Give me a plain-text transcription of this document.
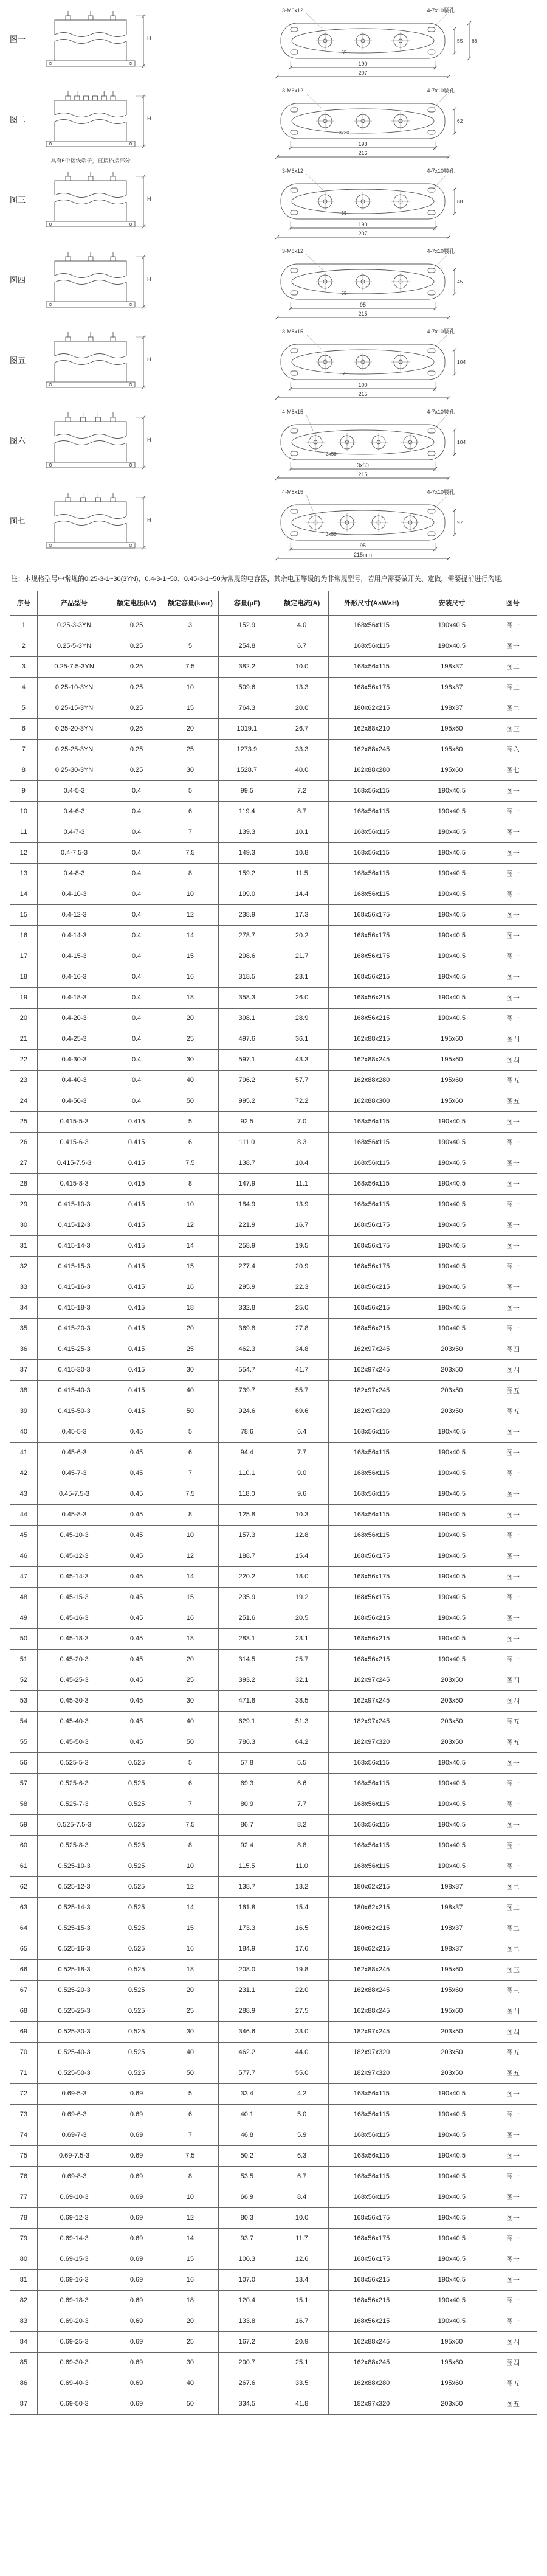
图一	H
3-M6x12	4-7x10腰孔
65
190
207
55 68
图二	H
具有6个接线端子，直接插接部分
3-M6x12	4-7x10腰孔
3x30
198
216
62
图三	H
3-M6x12	4-7x10腰孔
65
190
207
88
图四	H
3-M8x12	4-7x10腰孔
55
95
215
45
图五	H
3-M8x15	4-7x10腰孔
65
100
215
104
图六	H
4-M8x15	4-7x10腰孔
3x50
3x50
215
104
图七	H
4-M8x15	4-7x10腰孔
3x50
95
215mm
97
注：本规格型号中常规的0.25-3-1~30(3YN)、0.4-3-1~50、0.45-3-1~50为常规的电容器，其余电压等级的为非常规型号，若用户需要做开关、定做，需要提前进行沟通。
序号	产品型号	额定电压(kV)	额定容量(kvar)	容量(μF)	额定电流(A)	外形尺寸(A×W×H)	安装尺寸	图号
1	0.25-3-3YN	0.25	3	152.9	4.0	168x56x115	190x40.5	图一
2	0.25-5-3YN	0.25	5	254.8	6.7	168x56x115	190x40.5	图一
3	0.25-7.5-3YN	0.25	7.5	382.2	10.0	168x56x115	198x37	图二
4	0.25-10-3YN	0.25	10	509.6	13.3	168x56x175	198x37	图二
5	0.25-15-3YN	0.25	15	764.3	20.0	180x62x215	198x37	图二
6	0.25-20-3YN	0.25	20	1019.1	26.7	162x88x210	195x60	图三
7	0.25-25-3YN	0.25	25	1273.9	33.3	162x88x245	195x60	图六
8	0.25-30-3YN	0.25	30	1528.7	40.0	162x88x280	195x60	图七
9	0.4-5-3	0.4	5	99.5	7.2	168x56x115	190x40.5	图一
10	0.4-6-3	0.4	6	119.4	8.7	168x56x115	190x40.5	图一
11	0.4-7-3	0.4	7	139.3	10.1	168x56x115	190x40.5	图一
12	0.4-7.5-3	0.4	7.5	149.3	10.8	168x56x115	190x40.5	图一
13	0.4-8-3	0.4	8	159.2	11.5	168x56x115	190x40.5	图一
14	0.4-10-3	0.4	10	199.0	14.4	168x56x115	190x40.5	图一
15	0.4-12-3	0.4	12	238.9	17.3	168x56x175	190x40.5	图一
16	0.4-14-3	0.4	14	278.7	20.2	168x56x175	190x40.5	图一
17	0.4-15-3	0.4	15	298.6	21.7	168x56x175	190x40.5	图一
18	0.4-16-3	0.4	16	318.5	23.1	168x56x215	190x40.5	图一
19	0.4-18-3	0.4	18	358.3	26.0	168x56x215	190x40.5	图一
20	0.4-20-3	0.4	20	398.1	28.9	168x56x215	190x40.5	图一
21	0.4-25-3	0.4	25	497.6	36.1	162x88x215	195x60	图四
22	0.4-30-3	0.4	30	597.1	43.3	162x88x245	195x60	图四
23	0.4-40-3	0.4	40	796.2	57.7	162x88x280	195x60	图五
24	0.4-50-3	0.4	50	995.2	72.2	162x88x300	195x60	图五
25	0.415-5-3	0.415	5	92.5	7.0	168x56x115	190x40.5	图一
26	0.415-6-3	0.415	6	111.0	8.3	168x56x115	190x40.5	图一
27	0.415-7.5-3	0.415	7.5	138.7	10.4	168x56x115	190x40.5	图一
28	0.415-8-3	0.415	8	147.9	11.1	168x56x115	190x40.5	图一
29	0.415-10-3	0.415	10	184.9	13.9	168x56x115	190x40.5	图一
30	0.415-12-3	0.415	12	221.9	16.7	168x56x175	190x40.5	图一
31	0.415-14-3	0.415	14	258.9	19.5	168x56x175	190x40.5	图一
32	0.415-15-3	0.415	15	277.4	20.9	168x56x175	190x40.5	图一
33	0.415-16-3	0.415	16	295.9	22.3	168x56x215	190x40.5	图一
34	0.415-18-3	0.415	18	332.8	25.0	168x56x215	190x40.5	图一
35	0.415-20-3	0.415	20	369.8	27.8	168x56x215	190x40.5	图一
36	0.415-25-3	0.415	25	462.3	34.8	162x97x245	203x50	图四
37	0.415-30-3	0.415	30	554.7	41.7	162x97x245	203x50	图四
38	0.415-40-3	0.415	40	739.7	55.7	182x97x245	203x50	图五
39	0.415-50-3	0.415	50	924.6	69.6	182x97x320	203x50	图五
40	0.45-5-3	0.45	5	78.6	6.4	168x56x115	190x40.5	图一
41	0.45-6-3	0.45	6	94.4	7.7	168x56x115	190x40.5	图一
42	0.45-7-3	0.45	7	110.1	9.0	168x56x115	190x40.5	图一
43	0.45-7.5-3	0.45	7.5	118.0	9.6	168x56x115	190x40.5	图一
44	0.45-8-3	0.45	8	125.8	10.3	168x56x115	190x40.5	图一
45	0.45-10-3	0.45	10	157.3	12.8	168x56x115	190x40.5	图一
46	0.45-12-3	0.45	12	188.7	15.4	168x56x175	190x40.5	图一
47	0.45-14-3	0.45	14	220.2	18.0	168x56x175	190x40.5	图一
48	0.45-15-3	0.45	15	235.9	19.2	168x56x175	190x40.5	图一
49	0.45-16-3	0.45	16	251.6	20.5	168x56x215	190x40.5	图一
50	0.45-18-3	0.45	18	283.1	23.1	168x56x215	190x40.5	图一
51	0.45-20-3	0.45	20	314.5	25.7	168x56x215	190x40.5	图一
52	0.45-25-3	0.45	25	393.2	32.1	162x97x245	203x50	图四
53	0.45-30-3	0.45	30	471.8	38.5	162x97x245	203x50	图四
54	0.45-40-3	0.45	40	629.1	51.3	182x97x245	203x50	图五
55	0.45-50-3	0.45	50	786.3	64.2	182x97x320	203x50	图五
56	0.525-5-3	0.525	5	57.8	5.5	168x56x115	190x40.5	图一
57	0.525-6-3	0.525	6	69.3	6.6	168x56x115	190x40.5	图一
58	0.525-7-3	0.525	7	80.9	7.7	168x56x115	190x40.5	图一
59	0.525-7.5-3	0.525	7.5	86.7	8.2	168x56x115	190x40.5	图一
60	0.525-8-3	0.525	8	92.4	8.8	168x56x115	190x40.5	图一
61	0.525-10-3	0.525	10	115.5	11.0	168x56x115	190x40.5	图一
62	0.525-12-3	0.525	12	138.7	13.2	180x62x215	198x37	图二
63	0.525-14-3	0.525	14	161.8	15.4	180x62x215	198x37	图二
64	0.525-15-3	0.525	15	173.3	16.5	180x62x215	198x37	图二
65	0.525-16-3	0.525	16	184.9	17.6	180x62x215	198x37	图二
66	0.525-18-3	0.525	18	208.0	19.8	162x88x245	195x60	图三
67	0.525-20-3	0.525	20	231.1	22.0	162x88x245	195x60	图三
68	0.525-25-3	0.525	25	288.9	27.5	162x88x245	195x60	图四
69	0.525-30-3	0.525	30	346.6	33.0	182x97x245	203x50	图四
70	0.525-40-3	0.525	40	462.2	44.0	182x97x320	203x50	图五
71	0.525-50-3	0.525	50	577.7	55.0	182x97x320	203x50	图五
72	0.69-5-3	0.69	5	33.4	4.2	168x56x115	190x40.5	图一
73	0.69-6-3	0.69	6	40.1	5.0	168x56x115	190x40.5	图一
74	0.69-7-3	0.69	7	46.8	5.9	168x56x115	190x40.5	图一
75	0.69-7.5-3	0.69	7.5	50.2	6.3	168x56x115	190x40.5	图一
76	0.69-8-3	0.69	8	53.5	6.7	168x56x115	190x40.5	图一
77	0.69-10-3	0.69	10	66.9	8.4	168x56x115	190x40.5	图一
78	0.69-12-3	0.69	12	80.3	10.0	168x56x175	190x40.5	图一
79	0.69-14-3	0.69	14	93.7	11.7	168x56x175	190x40.5	图一
80	0.69-15-3	0.69	15	100.3	12.6	168x56x175	190x40.5	图一
81	0.69-16-3	0.69	16	107.0	13.4	168x56x215	190x40.5	图一
82	0.69-18-3	0.69	18	120.4	15.1	168x56x215	190x40.5	图一
83	0.69-20-3	0.69	20	133.8	16.7	168x56x215	190x40.5	图一
84	0.69-25-3	0.69	25	167.2	20.9	162x88x245	195x60	图四
85	0.69-30-3	0.69	30	200.7	25.1	162x88x245	195x60	图四
86	0.69-40-3	0.69	40	267.6	33.5	162x88x280	195x60	图五
87	0.69-50-3	0.69	50	334.5	41.8	182x97x320	203x50	图五
